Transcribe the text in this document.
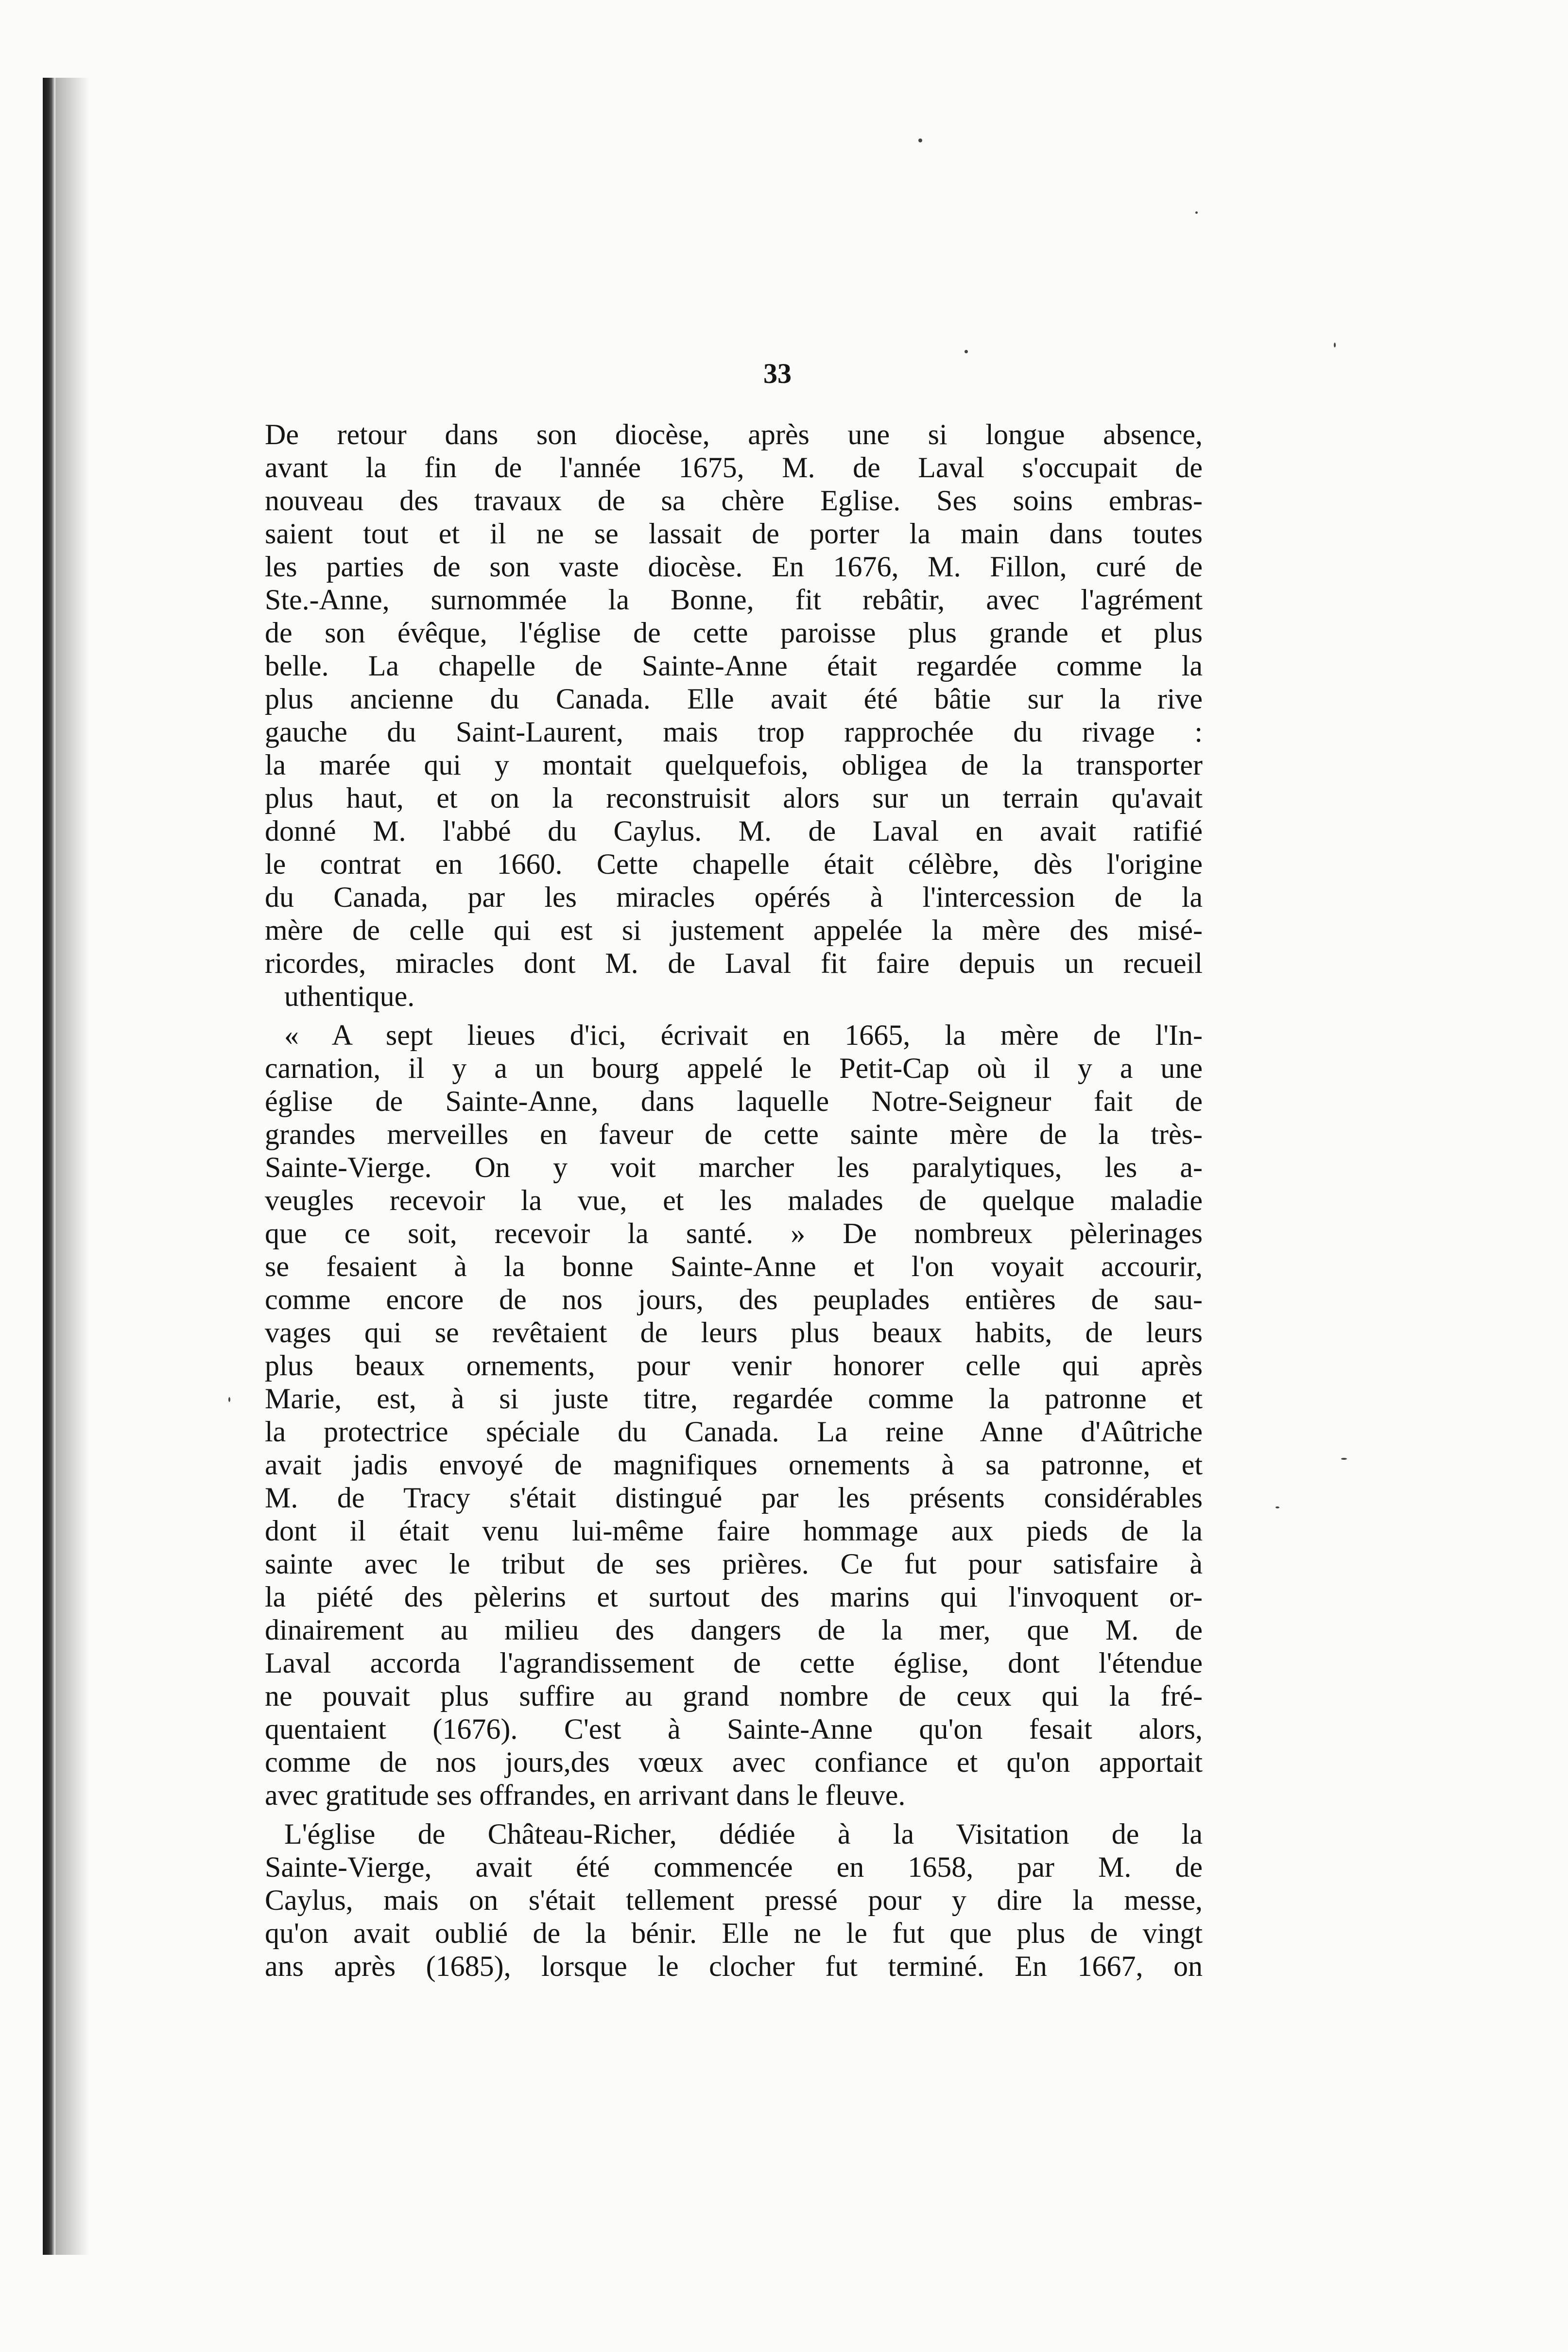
33
De retour dans son diocèse, après une si longue absence,
avant la fin de l'année 1675, M. de Laval s'occupait de
nouveau des travaux de sa chère Eglise. Ses soins embras-
saient tout et il ne se lassait de porter la main dans toutes
les parties de son vaste diocèse. En 1676, M. Fillon, curé de
Ste.-Anne, surnommée la Bonne, fit rebâtir, avec l'agrément
de son évêque, l'église de cette paroisse plus grande et plus
belle. La chapelle de Sainte-Anne était regardée comme la
plus ancienne du Canada. Elle avait été bâtie sur la rive
gauche du Saint-Laurent, mais trop rapprochée du rivage :
la marée qui y montait quelquefois, obligea de la transporter
plus haut, et on la reconstruisit alors sur un terrain qu'avait
donné M. l'abbé du Caylus. M. de Laval en avait ratifié
le contrat en 1660. Cette chapelle était célèbre, dès l'origine
du Canada, par les miracles opérés à l'intercession de la
mère de celle qui est si justement appelée la mère des misé-
ricordes, miracles dont M. de Laval fit faire depuis un recueil
uthentique.
« A sept lieues d'ici, écrivait en 1665, la mère de l'In-
carnation, il y a un bourg appelé le Petit-Cap où il y a une
église de Sainte-Anne, dans laquelle Notre-Seigneur fait de
grandes merveilles en faveur de cette sainte mère de la très-
Sainte-Vierge. On y voit marcher les paralytiques, les a-
veugles recevoir la vue, et les malades de quelque maladie
que ce soit, recevoir la santé. » De nombreux pèlerinages
se fesaient à la bonne Sainte-Anne et l'on voyait accourir,
comme encore de nos jours, des peuplades entières de sau-
vages qui se revêtaient de leurs plus beaux habits, de leurs
plus beaux ornements, pour venir honorer celle qui après
Marie, est, à si juste titre, regardée comme la patronne et
la protectrice spéciale du Canada. La reine Anne d'Aûtriche
avait jadis envoyé de magnifiques ornements à sa patronne, et
M. de Tracy s'était distingué par les présents considérables
dont il était venu lui-même faire hommage aux pieds de la
sainte avec le tribut de ses prières. Ce fut pour satisfaire à
la piété des pèlerins et surtout des marins qui l'invoquent or-
dinairement au milieu des dangers de la mer, que M. de
Laval accorda l'agrandissement de cette église, dont l'étendue
ne pouvait plus suffire au grand nombre de ceux qui la fré-
quentaient (1676). C'est à Sainte-Anne qu'on fesait alors,
comme de nos jours,des vœux avec confiance et qu'on apportait
avec gratitude ses offrandes, en arrivant dans le fleuve.
L'église de Château-Richer, dédiée à la Visitation de la
Sainte-Vierge, avait été commencée en 1658, par M. de
Caylus, mais on s'était tellement pressé pour y dire la messe,
qu'on avait oublié de la bénir. Elle ne le fut que plus de vingt
ans après (1685), lorsque le clocher fut terminé. En 1667, on
